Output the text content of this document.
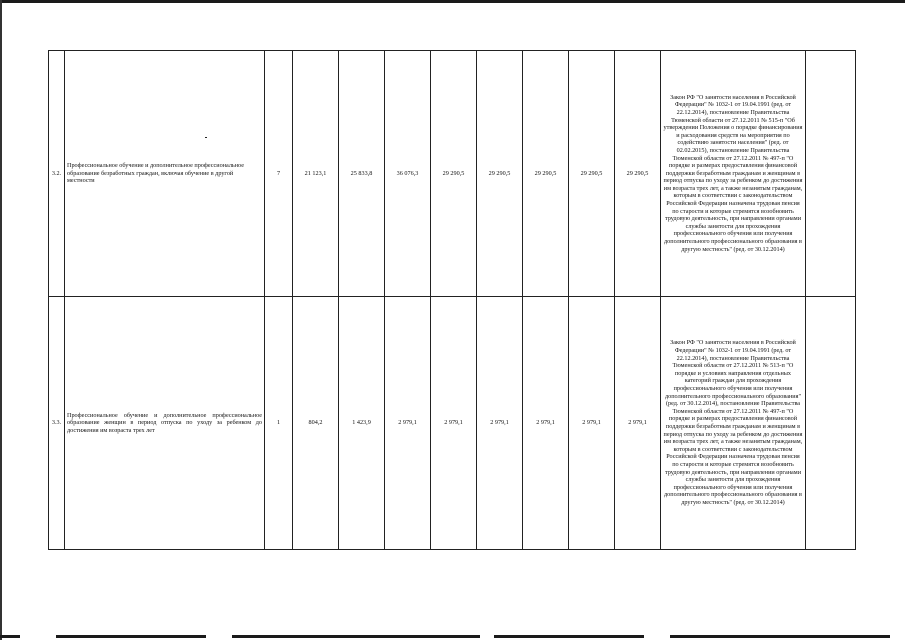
3.2.	Профессиональное обучение и дополнительное профессиональное образование безработных граждан, включая обучение в другой местности	7	21 123,1	25 833,8	36 076,3	29 290,5	29 290,5	29 290,5	29 290,5	29 290,5	Закон РФ "О занятости населения в Российской Федерации" № 1032-1 от 19.04.1991 (ред. от 22.12.2014), постановление Правительства Тюменской области от 27.12.2011 № 515-п "Об утверждении Положения о порядке финансирования и расходования средств на мероприятия по содействию занятости населения" (ред. от 02.02.2015), постановление Правительства Тюменской области от 27.12.2011 № 497-п "О порядке и размерах предоставления финансовой поддержки безработным гражданам и женщинам в период отпуска по уходу за ребенком до достижения им возраста трех лет, а также незанятым гражданам, которым в соответствии с законодательством Российской Федерации назначена трудовая пенсия по старости и которые стремятся возобновить трудовую деятельность, при направлении органами службы занятости для прохождения профессионального обучения или получения дополнительного профессионального образования в другую местность" (ред. от 30.12.2014)	
3.3.	Профессиональное обучение и дополнительное профессиональное образование женщин в период отпуска по уходу за ребенком до достижения им возраста трех лет	1	804,2	1 423,9	2 979,1	2 979,1	2 979,1	2 979,1	2 979,1	2 979,1	Закон РФ "О занятости населения в Российской Федерации" № 1032-1 от 19.04.1991 (ред. от 22.12.2014), постановление Правительства Тюменской области от 27.12.2011 № 513-п "О порядке и условиях направления отдельных категорий граждан для прохождения профессионального обучения или получения дополнительного профессионального образования" (ред. от 30.12.2014), постановление Правительства Тюменской области от 27.12.2011 № 497-п "О порядке и размерах предоставления финансовой поддержки безработным гражданам и женщинам в период отпуска по уходу за ребенком до достижения им возраста трех лет, а также незанятым гражданам, которым в соответствии с законодательством Российской Федерации назначена трудовая пенсия по старости и которые стремятся возобновить трудовую деятельность, при направлении органами службы занятости для прохождения профессионального обучения или получения дополнительного профессионального образования в другую местность" (ред. от 30.12.2014)	
